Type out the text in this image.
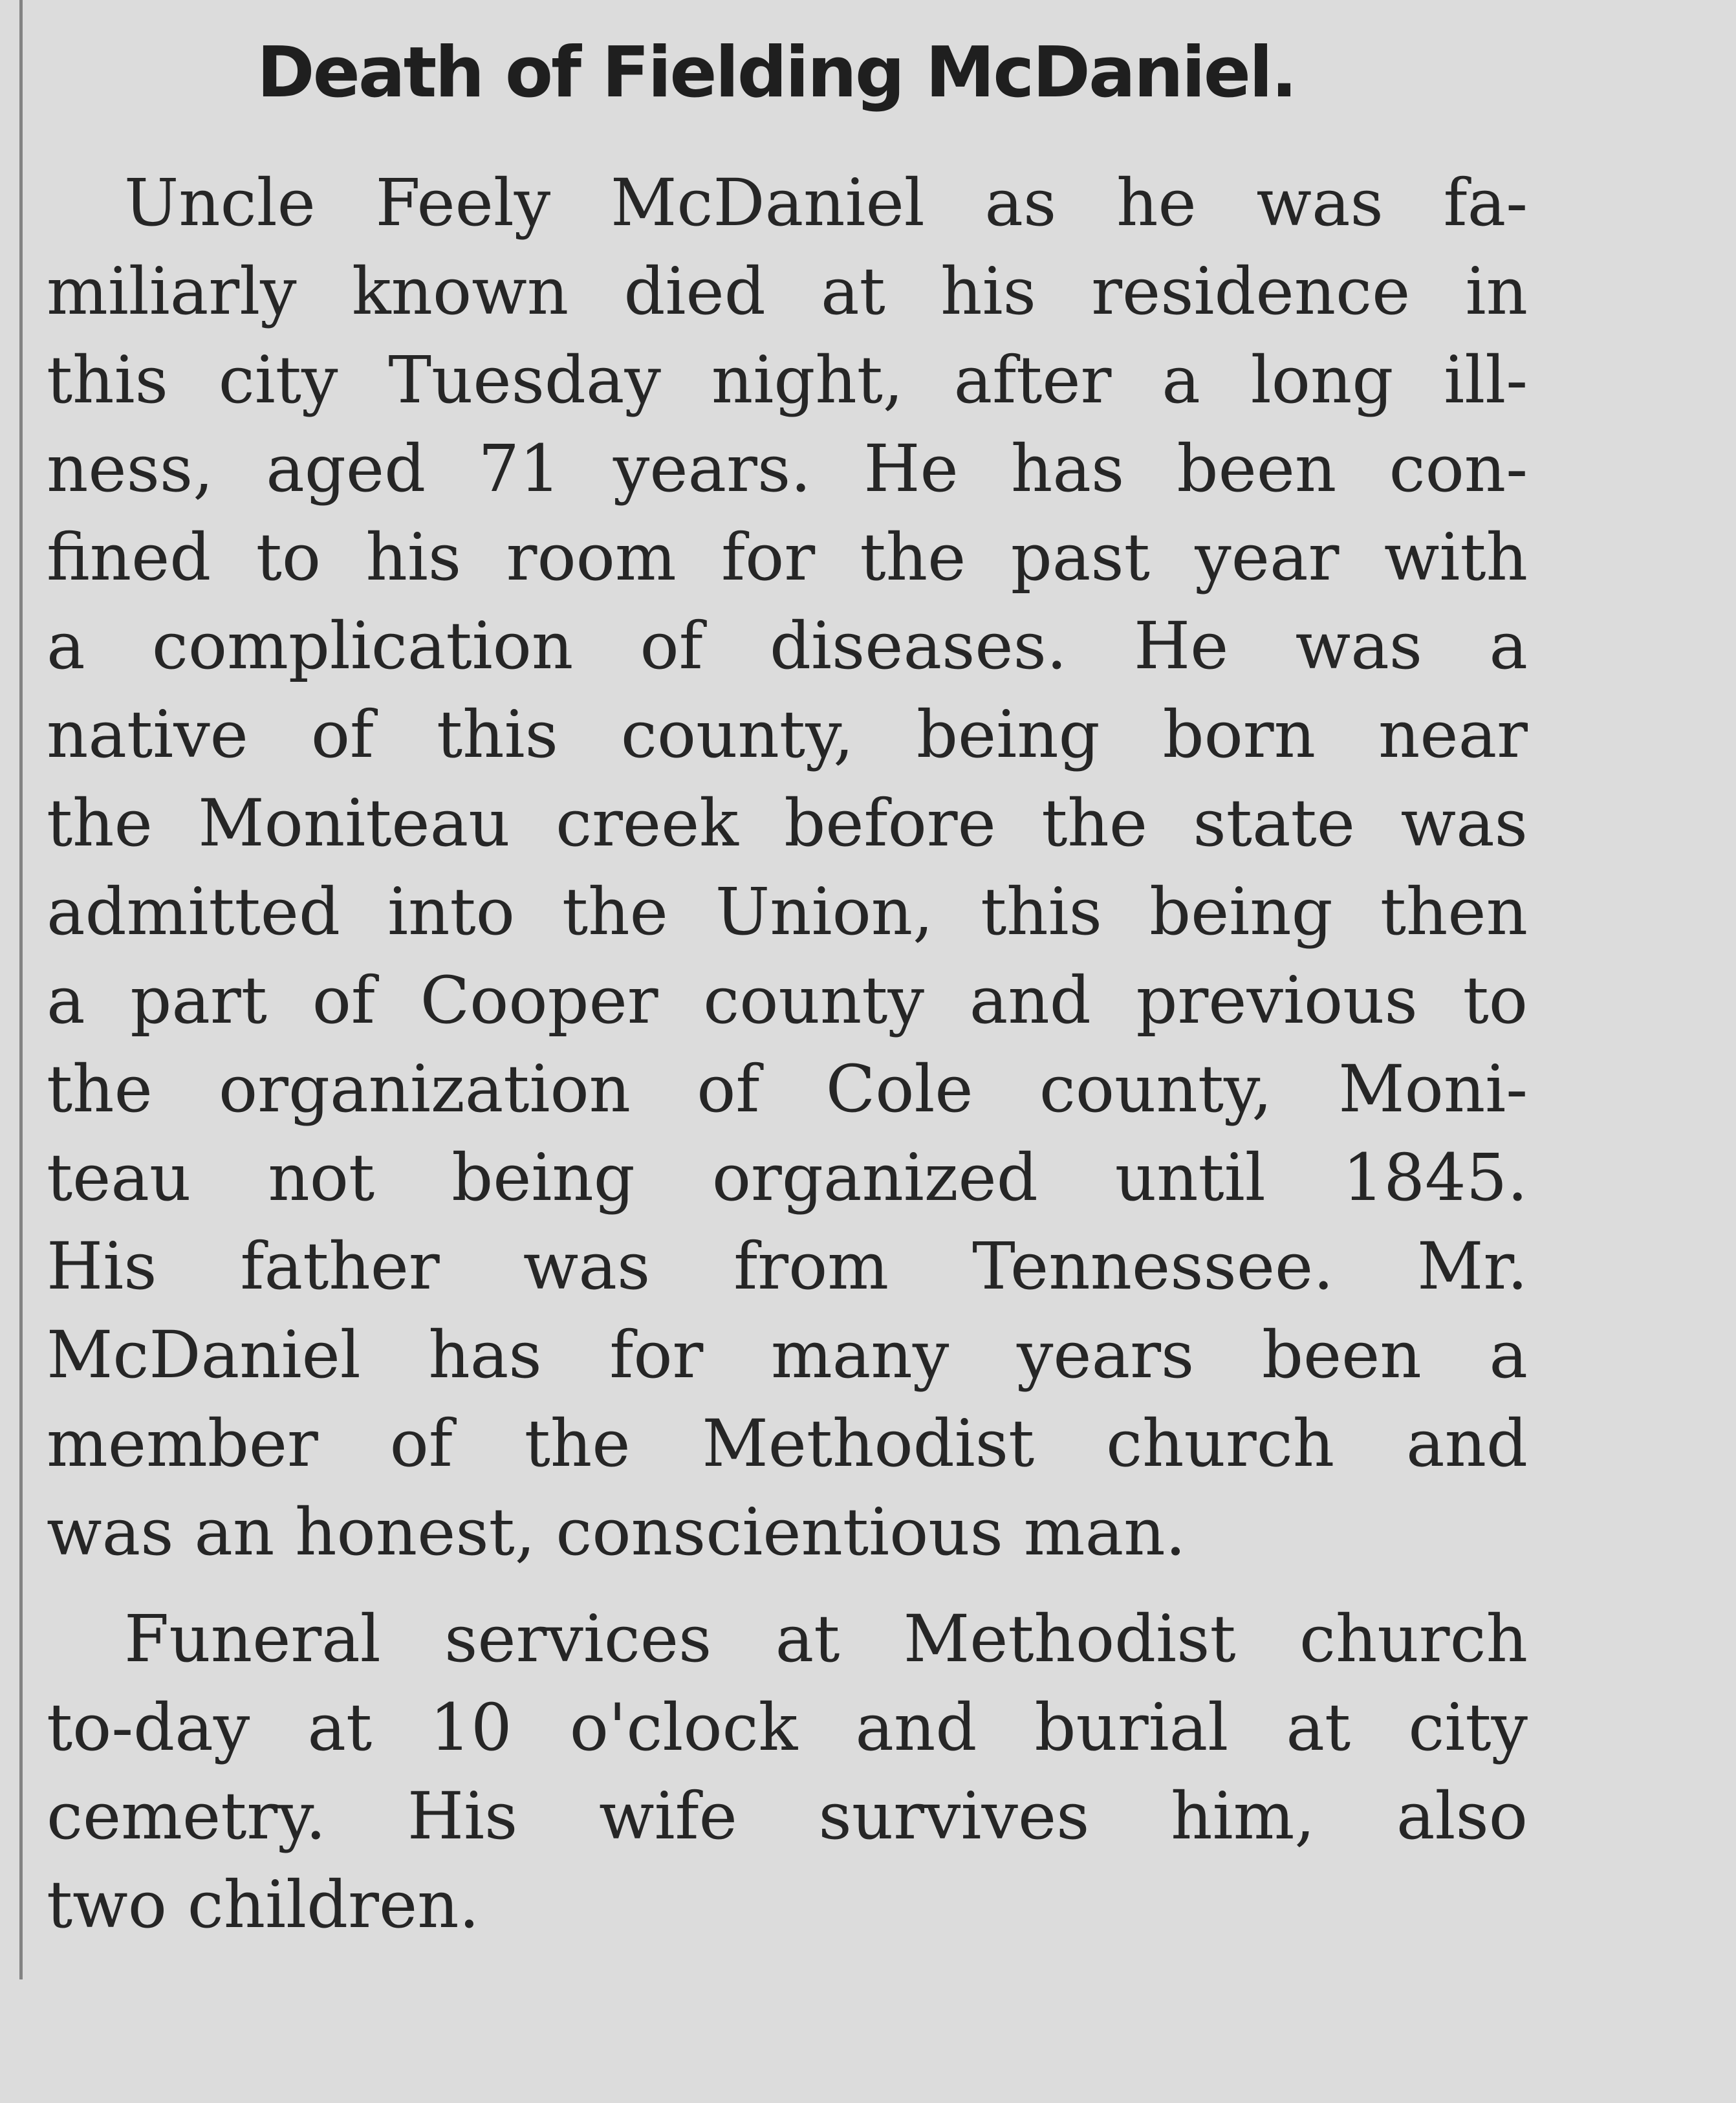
Death of Fielding McDaniel.
Uncle Feely McDaniel as he was fa-
miliarly known died at his residence in
this city Tuesday night, after a long ill-
ness, aged 71 years. He has been con-
fined to his room for the past year with
a complication of diseases. He was a
native of this county, being born near
the Moniteau creek before the state was
admitted into the Union, this being then
a part of Cooper county and previous to
the organization of Cole county, Moni-
teau not being organized until 1845.
His father was from Tennessee. Mr.
McDaniel has for many years been a
member of the Methodist church and
was an honest, conscientious man.
Funeral services at Methodist church
to-day at 10 o'clock and burial at city
cemetry. His wife survives him, also
two children.
